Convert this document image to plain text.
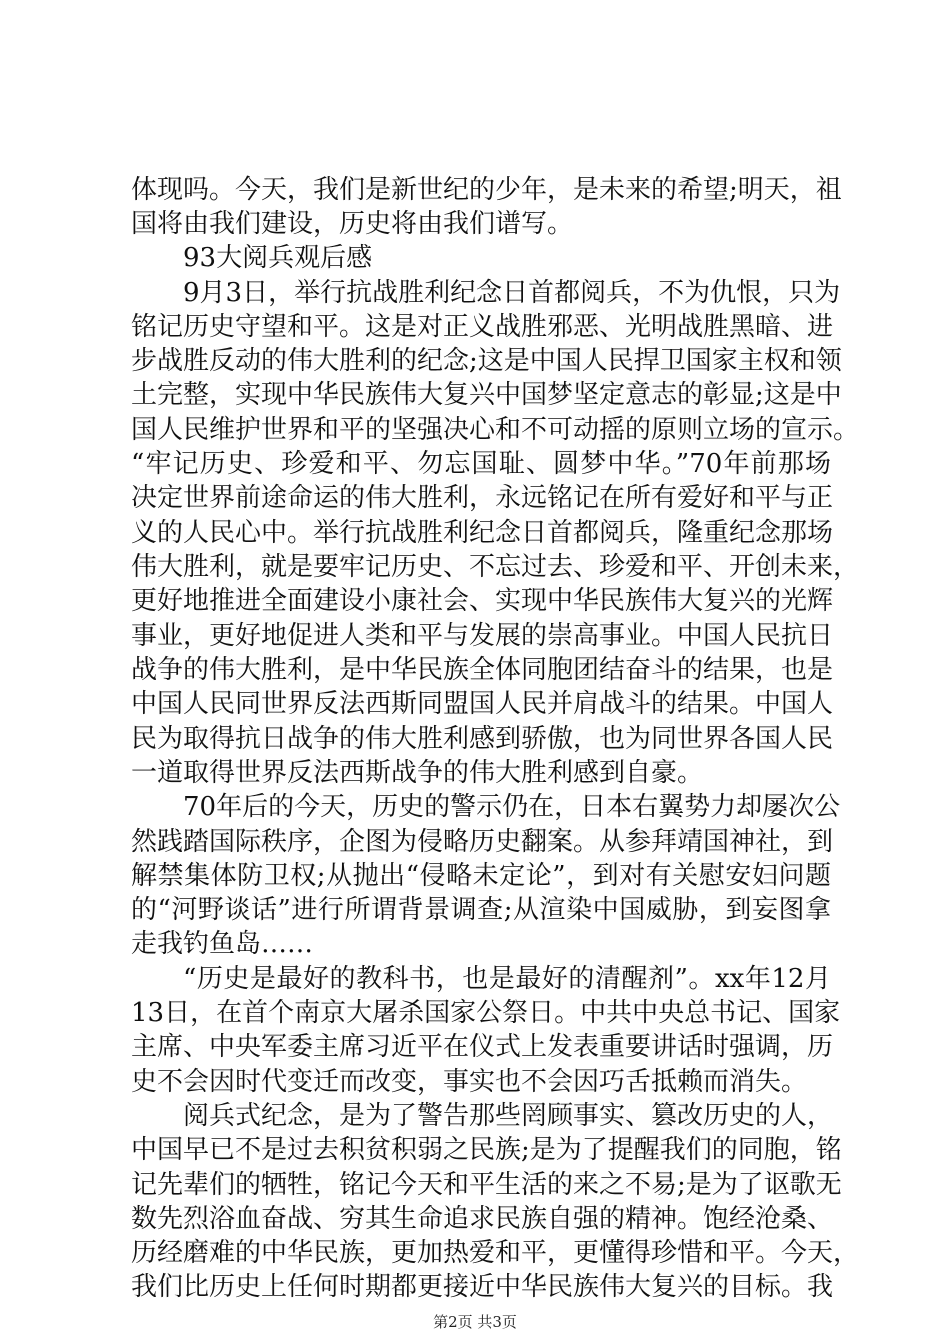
体现吗。今天，我们是新世纪的少年，是未来的希望;明天，祖
国将由我们建设，历史将由我们谱写。
93大阅兵观后感
9月3日，举行抗战胜利纪念日首都阅兵，不为仇恨，只为
铭记历史守望和平。这是对正义战胜邪恶、光明战胜黑暗、进
步战胜反动的伟大胜利的纪念;这是中国人民捍卫国家主权和领
土完整，实现中华民族伟大复兴中国梦坚定意志的彰显;这是中
国人民维护世界和平的坚强决心和不可动摇的原则立场的宣示。
“牢记历史、珍爱和平、勿忘国耻、圆梦中华。”70年前那场
决定世界前途命运的伟大胜利，永远铭记在所有爱好和平与正
义的人民心中。举行抗战胜利纪念日首都阅兵，隆重纪念那场
伟大胜利，就是要牢记历史、不忘过去、珍爱和平、开创未来，
更好地推进全面建设小康社会、实现中华民族伟大复兴的光辉
事业，更好地促进人类和平与发展的崇高事业。中国人民抗日
战争的伟大胜利，是中华民族全体同胞团结奋斗的结果，也是
中国人民同世界反法西斯同盟国人民并肩战斗的结果。中国人
民为取得抗日战争的伟大胜利感到骄傲，也为同世界各国人民
一道取得世界反法西斯战争的伟大胜利感到自豪。
70年后的今天，历史的警示仍在，日本右翼势力却屡次公
然践踏国际秩序，企图为侵略历史翻案。从参拜靖国神社，到
解禁集体防卫权;从抛出“侵略未定论”，到对有关慰安妇问题
的“河野谈话”进行所谓背景调查;从渲染中国威胁，到妄图拿
走我钓鱼岛……
“历史是最好的教科书，也是最好的清醒剂”。xx年12月
13日，在首个南京大屠杀国家公祭日。中共中央总书记、国家
主席、中央军委主席习近平在仪式上发表重要讲话时强调，历
史不会因时代变迁而改变，事实也不会因巧舌抵赖而消失。
阅兵式纪念，是为了警告那些罔顾事实、篡改历史的人，
中国早已不是过去积贫积弱之民族;是为了提醒我们的同胞，铭
记先辈们的牺牲，铭记今天和平生活的来之不易;是为了讴歌无
数先烈浴血奋战、穷其生命追求民族自强的精神。饱经沧桑、
历经磨难的中华民族，更加热爱和平，更懂得珍惜和平。今天，
我们比历史上任何时期都更接近中华民族伟大复兴的目标。我
第2页 共3页
